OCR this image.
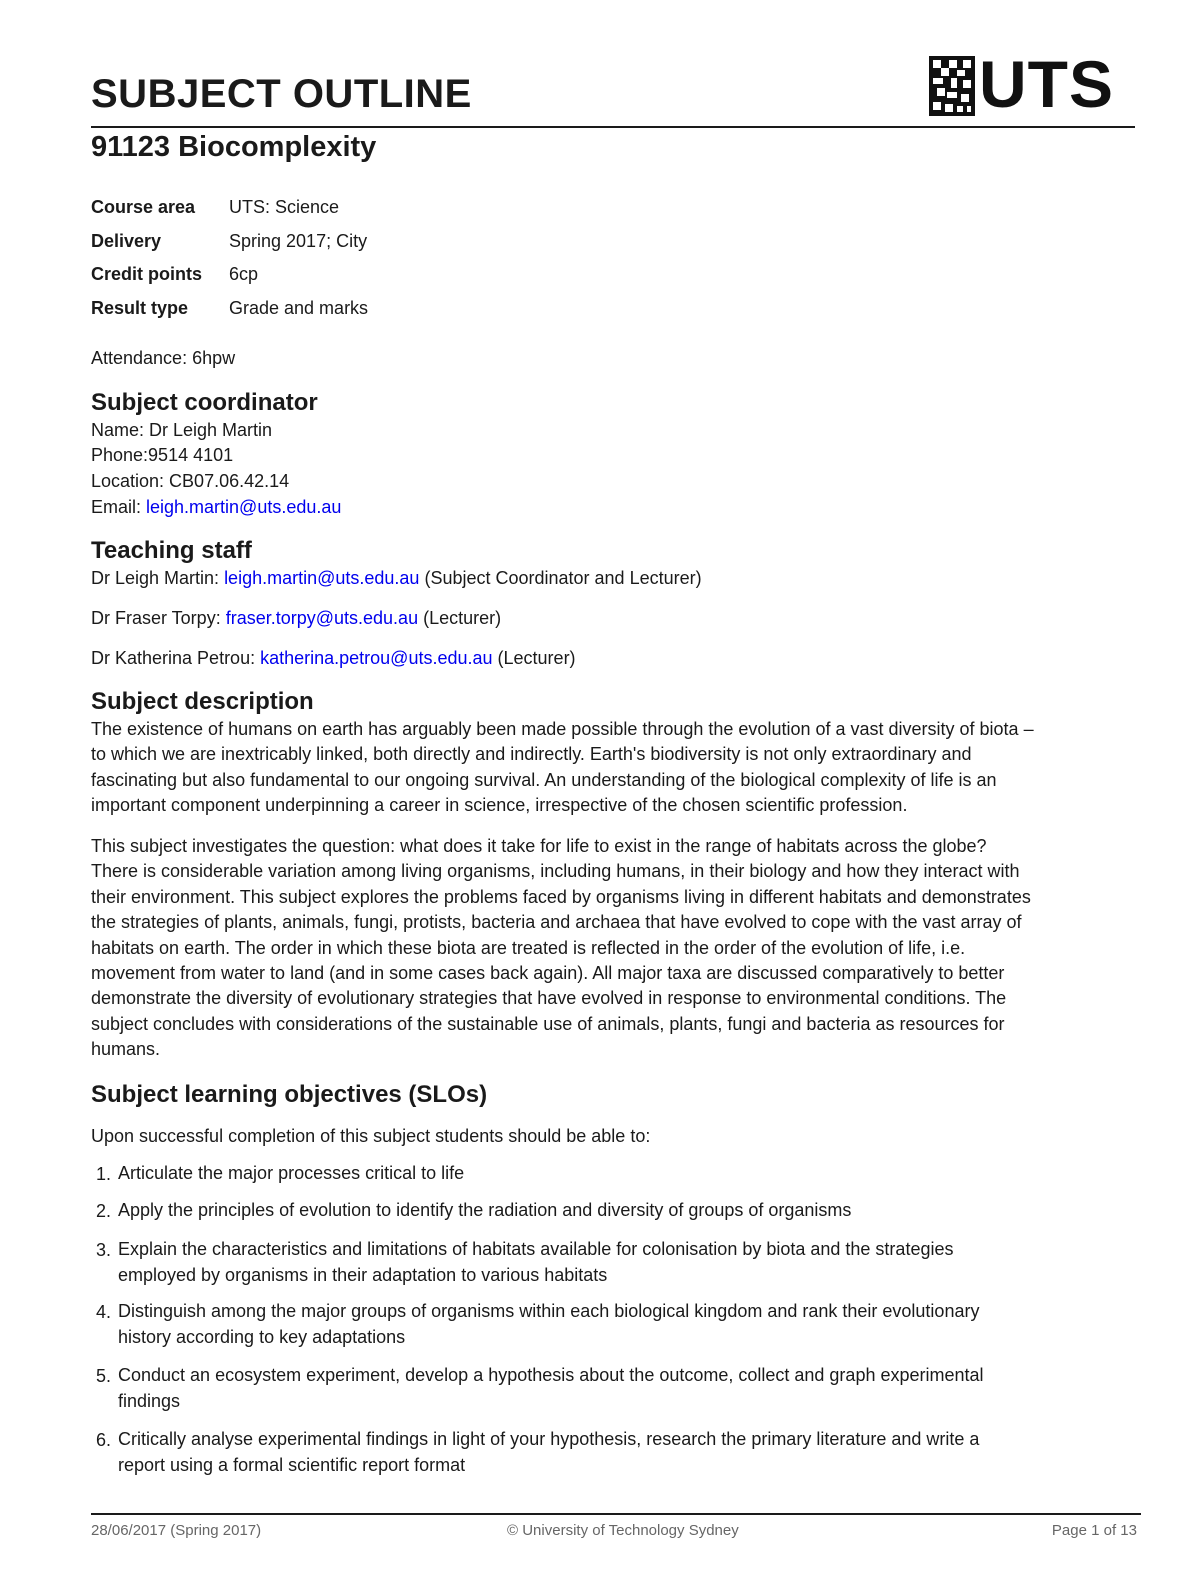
SUBJECT OUTLINE	UTS
91123 Biocomplexity
Course area UTS: Science
Delivery	Spring 2017; City
Credit points 6cp
Result type Grade and marks

Attendance: 6hpw

Subject coordinator

Name: Dr Leigh Martin

Phone:9514 4101

Location: CB07.06.42.14

Email: leigh.martin@uts.edu.au

Teaching staff

Dr Leigh Martin: leigh.martin@uts.edu.au (Subject Coordinator and Lecturer)

Dr Fraser Torpy: fraser.torpy@uts.edu.au (Lecturer)

Dr Katherina Petrou: katherina.petrou@uts.edu.au (Lecturer)

Subject description
The existence of humans on earth has arguably been made possible through the evolution of a vast diversity of biota –
to which we are inextricably linked, both directly and indirectly. Earth's biodiversity is not only extraordinary and
fascinating but also fundamental to our ongoing survival. An understanding of the biological complexity of life is an
important component underpinning a career in science, irrespective of the chosen scientific profession.
This subject investigates the question: what does it take for life to exist in the range of habitats across the globe?
There is considerable variation among living organisms, including humans, in their biology and how they interact with
their environment. This subject explores the problems faced by organisms living in different habitats and demonstrates
the strategies of plants, animals, fungi, protists, bacteria and archaea that have evolved to cope with the vast array of
habitats on earth. The order in which these biota are treated is reflected in the order of the evolution of life, i.e.
movement from water to land (and in some cases back again). All major taxa are discussed comparatively to better
demonstrate the diversity of evolutionary strategies that have evolved in response to environmental conditions. The
subject concludes with considerations of the sustainable use of animals, plants, fungi and bacteria as resources for
humans.
Subject learning objectives (SLOs)

Upon successful completion of this subject students should be able to:

1. Articulate the major processes critical to life
2. Apply the principles of evolution to identify the radiation and diversity of groups of organisms
3. Explain the characteristics and limitations of habitats available for colonisation by biota and the strategies
employed by organisms in their adaptation to various habitats
4. Distinguish among the major groups of organisms within each biological kingdom and rank their evolutionary
history according to key adaptations
5. Conduct an ecosystem experiment, develop a hypothesis about the outcome, collect and graph experimental
findings
6. Critically analyse experimental findings in light of your hypothesis, research the primary literature and write a
report using a formal scientific report format
28/06/2017 (Spring 2017)	© University of Technology Sydney	Page 1 of 13
